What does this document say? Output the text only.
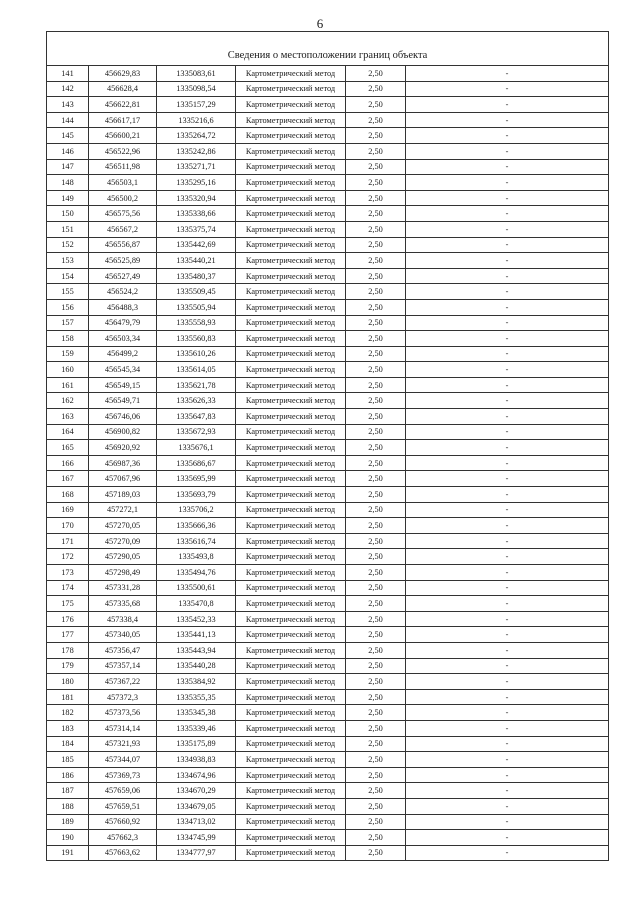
6
Сведения о местоположении границ объекта					
141	456629,83	1335083,61	Картометрический метод	2,50	-
142	456628,4	1335098,54	Картометрический метод	2,50	-
143	456622,81	1335157,29	Картометрический метод	2,50	-
144	456617,17	1335216,6	Картометрический метод	2,50	-
145	456600,21	1335264,72	Картометрический метод	2,50	-
146	456522,96	1335242,86	Картометрический метод	2,50	-
147	456511,98	1335271,71	Картометрический метод	2,50	-
148	456503,1	1335295,16	Картометрический метод	2,50	-
149	456500,2	1335320,94	Картометрический метод	2,50	-
150	456575,56	1335338,66	Картометрический метод	2,50	-
151	456567,2	1335375,74	Картометрический метод	2,50	-
152	456556,87	1335442,69	Картометрический метод	2,50	-
153	456525,89	1335440,21	Картометрический метод	2,50	-
154	456527,49	1335480,37	Картометрический метод	2,50	-
155	456524,2	1335509,45	Картометрический метод	2,50	-
156	456488,3	1335505,94	Картометрический метод	2,50	-
157	456479,79	1335558,93	Картометрический метод	2,50	-
158	456503,34	1335560,83	Картометрический метод	2,50	-
159	456499,2	1335610,26	Картометрический метод	2,50	-
160	456545,34	1335614,05	Картометрический метод	2,50	-
161	456549,15	1335621,78	Картометрический метод	2,50	-
162	456549,71	1335626,33	Картометрический метод	2,50	-
163	456746,06	1335647,83	Картометрический метод	2,50	-
164	456900,82	1335672,93	Картометрический метод	2,50	-
165	456920,92	1335676,1	Картометрический метод	2,50	-
166	456987,36	1335686,67	Картометрический метод	2,50	-
167	457067,96	1335695,99	Картометрический метод	2,50	-
168	457189,03	1335693,79	Картометрический метод	2,50	-
169	457272,1	1335706,2	Картометрический метод	2,50	-
170	457270,05	1335666,36	Картометрический метод	2,50	-
171	457270,09	1335616,74	Картометрический метод	2,50	-
172	457290,05	1335493,8	Картометрический метод	2,50	-
173	457298,49	1335494,76	Картометрический метод	2,50	-
174	457331,28	1335500,61	Картометрический метод	2,50	-
175	457335,68	1335470,8	Картометрический метод	2,50	-
176	457338,4	1335452,33	Картометрический метод	2,50	-
177	457340,05	1335441,13	Картометрический метод	2,50	-
178	457356,47	1335443,94	Картометрический метод	2,50	-
179	457357,14	1335440,28	Картометрический метод	2,50	-
180	457367,22	1335384,92	Картометрический метод	2,50	-
181	457372,3	1335355,35	Картометрический метод	2,50	-
182	457373,56	1335345,38	Картометрический метод	2,50	-
183	457314,14	1335339,46	Картометрический метод	2,50	-
184	457321,93	1335175,89	Картометрический метод	2,50	-
185	457344,07	1334938,83	Картометрический метод	2,50	-
186	457369,73	1334674,96	Картометрический метод	2,50	-
187	457659,06	1334670,29	Картометрический метод	2,50	-
188	457659,51	1334679,05	Картометрический метод	2,50	-
189	457660,92	1334713,02	Картометрический метод	2,50	-
190	457662,3	1334745,99	Картометрический метод	2,50	-
191	457663,62	1334777,97	Картометрический метод	2,50	-
